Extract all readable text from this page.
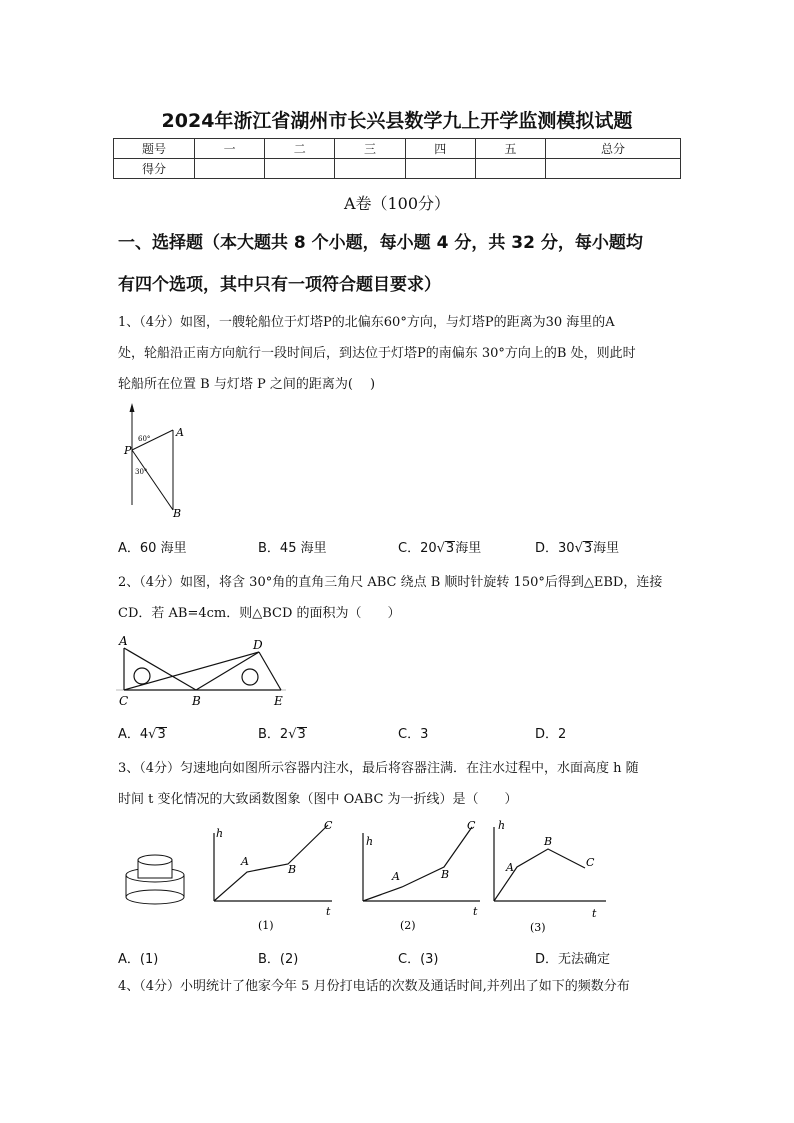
2024年浙江省湖州市长兴县数学九上开学监测模拟试题
题号	一	二	三	四	五	总分
得分						
A卷（100分）
一、选择题（本大题共 8 个小题，每小题 4 分，共 32 分，每小题均
有四个选项，其中只有一项符合题目要求）
1、（4分）如图，一艘轮船位于灯塔P的北偏东60°方向，与灯塔P的距离为30 海里的A
处，轮船沿正南方向航行一段时间后，到达位于灯塔P的南偏东 30°方向上的B 处，则此时
轮船所在位置 B 与灯塔 P 之间的距离为(　 )
P
A
B
60°
30°
A．60 海里	B．45 海里	C．20√3海里	D．30√3海里
2、（4分）如图，将含 30°角的直角三角尺 ABC 绕点 B 顺时针旋转 150°后得到△EBD，连接
CD．若 AB=4cm．则△BCD 的面积为（　　）
A
C	B
D
E
A．4√3	B．2√3	C．3	D．2
3、（4分）匀速地向如图所示容器内注水，最后将容器注满．在注水过程中，水面高度 h 随
时间 t 变化情况的大致函数图象（图中 OABC 为一折线）是（　　）
h
t
A
B
C
(1)
h
t
A	B
C
(2)
h
t
A
B
C
(3)
A．(1)	B．(2)	C．(3)	D．无法确定
4、（4分）小明统计了他家今年 5 月份打电话的次数及通话时间,并列出了如下的频数分布
